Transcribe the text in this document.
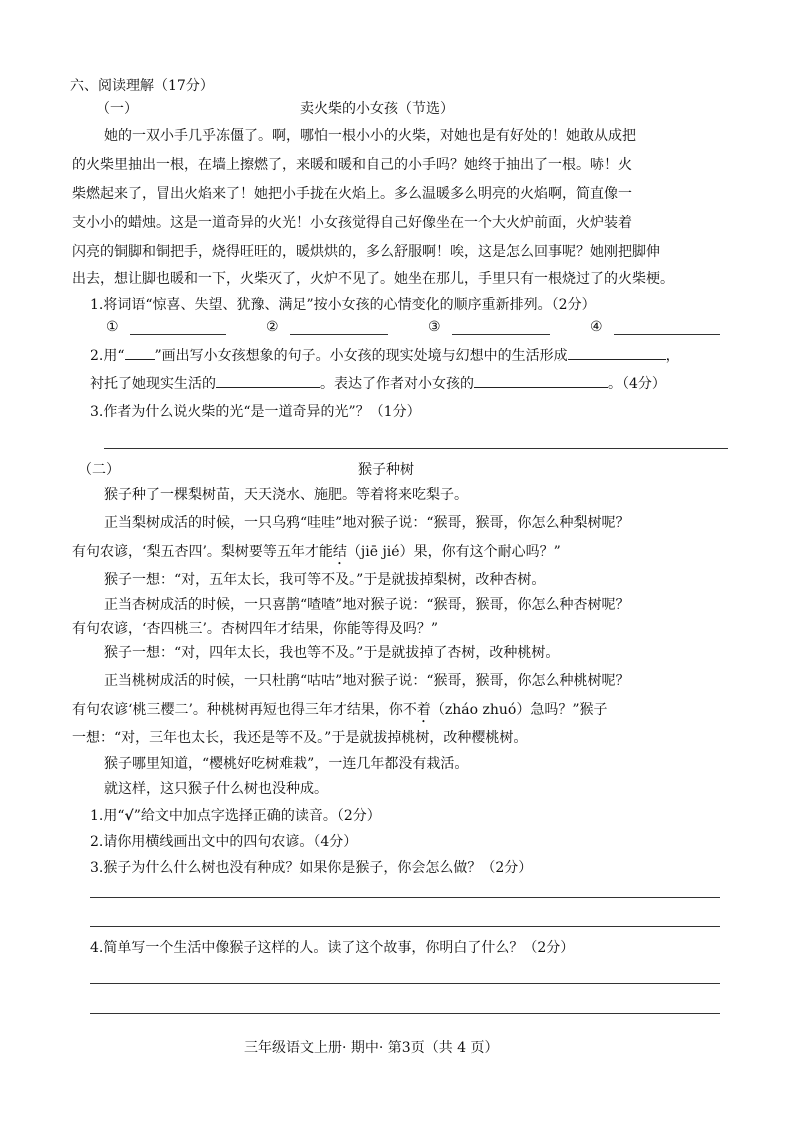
六、阅读理解（17分）
（一）	卖火柴的小女孩（节选）
她的一双小手几乎冻僵了。啊，哪怕一根小小的火柴，对她也是有好处的！她敢从成把
的火柴里抽出一根，在墙上擦燃了，来暖和暖和自己的小手吗？她终于抽出了一根。哧！火
柴燃起来了，冒出火焰来了！她把小手拢在火焰上。多么温暖多么明亮的火焰啊，简直像一
支小小的蜡烛。这是一道奇异的火光！小女孩觉得自己好像坐在一个大火炉前面，火炉装着
闪亮的铜脚和铜把手，烧得旺旺的，暖烘烘的，多么舒服啊！唉，这是怎么回事呢？她刚把脚伸
出去，想让脚也暖和一下，火柴灭了，火炉不见了。她坐在那儿，手里只有一根烧过了的火柴梗。
1.将词语“惊喜、失望、犹豫、满足”按小女孩的心情变化的顺序重新排列。（2分）
①	②	③	④
2.用“ ”画出写小女孩想象的句子。小女孩的现实处境与幻想中的生活形成	，
衬托了她现实生活的	。表达了作者对小女孩的	。（4分）
3.作者为什么说火柴的光“是一道奇异的光”？（1分）
（二）	猴子种树
猴子种了一棵梨树苗，天天浇水、施肥。等着将来吃梨子。
正当梨树成活的时候，一只乌鸦“哇哇”地对猴子说：“猴哥，猴哥，你怎么种梨树呢？
有句农谚，‘梨五杏四’。梨树要等五年才能结（jiē jié）果，你有这个耐心吗？”
猴子一想：“对，五年太长，我可等不及。”于是就拔掉梨树，改种杏树。
正当杏树成活的时候，一只喜鹊“喳喳”地对猴子说：“猴哥，猴哥，你怎么种杏树呢？
有句农谚，‘杏四桃三’。杏树四年才结果，你能等得及吗？”
猴子一想：“对，四年太长，我也等不及。”于是就拔掉了杏树，改种桃树。
正当桃树成活的时候，一只杜鹃“咕咕”地对猴子说：“猴哥，猴哥，你怎么种桃树呢？
有句农谚‘桃三樱二’。种桃树再短也得三年才结果，你不着（zháo zhuó）急吗？”猴子
一想：“对，三年也太长，我还是等不及。”于是就拔掉桃树，改种樱桃树。
猴子哪里知道，“樱桃好吃树难栽”，一连几年都没有栽活。
就这样，这只猴子什么树也没种成。
1.用“√”给文中加点字选择正确的读音。（2分）
2.请你用横线画出文中的四句农谚。（4分）
3.猴子为什么什么树也没有种成？如果你是猴子，你会怎么做？（2分）
4.简单写一个生活中像猴子这样的人。读了这个故事，你明白了什么？（2分）
三年级语文上册· 期中· 第3页（共 4 页）
